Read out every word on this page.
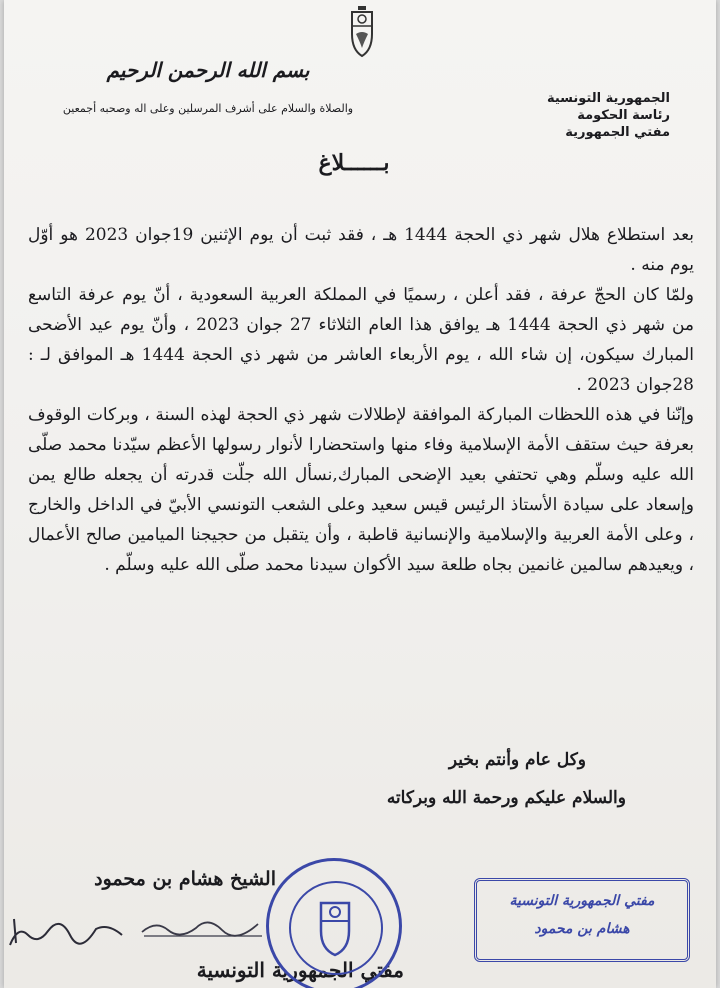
بسم الله الرحمن الرحيم
والصلاة والسلام على أشرف المرسلين وعلى اله وصحبه أجمعين
الجمهورية التونسية
رئاسة الحكومة
مفتي الجمهورية
بــــــلاغ

بعد استطلاع هلال شهر ذي الحجة 1444 هـ ، فقد ثبت أن يوم الإثنين 19جوان 2023 هو أوّل يوم منه .

ولمّا كان الحجّ عرفة ، فقد أعلن ، رسميًا في المملكة العربية السعودية ، أنّ يوم عرفة التاسع من شهر ذي الحجة 1444 هـ يوافق هذا العام الثلاثاء 27 جوان 2023 ، وأنّ يوم عيد الأضحى المبارك سيكون، إن شاء الله ، يوم الأربعاء العاشر من شهر ذي الحجة 1444 هـ الموافق لـ : 28جوان 2023 .

وإنّنا في هذه اللحظات المباركة الموافقة لإطلالات شهر ذي الحجة لهذه السنة ، وبركات الوقوف بعرفة حيث ستقف الأمة الإسلامية وفاء منها واستحضارا لأنوار رسولها الأعظم سيّدنا محمد صلّى الله عليه وسلّم وهي تحتفي بعيد الإضحى المبارك,نسأل الله جلّت قدرته أن يجعله طالع يمن وإسعاد على سيادة الأستاذ الرئيس قيس سعيد وعلى الشعب التونسي الأبيّ في الداخل والخارج ، وعلى الأمة العربية والإسلامية والإنسانية قاطبة ، وأن يتقبل من حجيجنا الميامين صالح الأعمال ، ويعيدهم سالمين غانمين بجاه طلعة سيد الأكوان سيدنا محمد صلّى الله عليه وسلّم .

وكل عام وأنتم بخير
والسلام عليكم ورحمة الله وبركاته
الشيخ هشام بن محمود
مفتي الجمهورية التونسية
مفتي الجمهورية التونسية
هشام بن محمود
